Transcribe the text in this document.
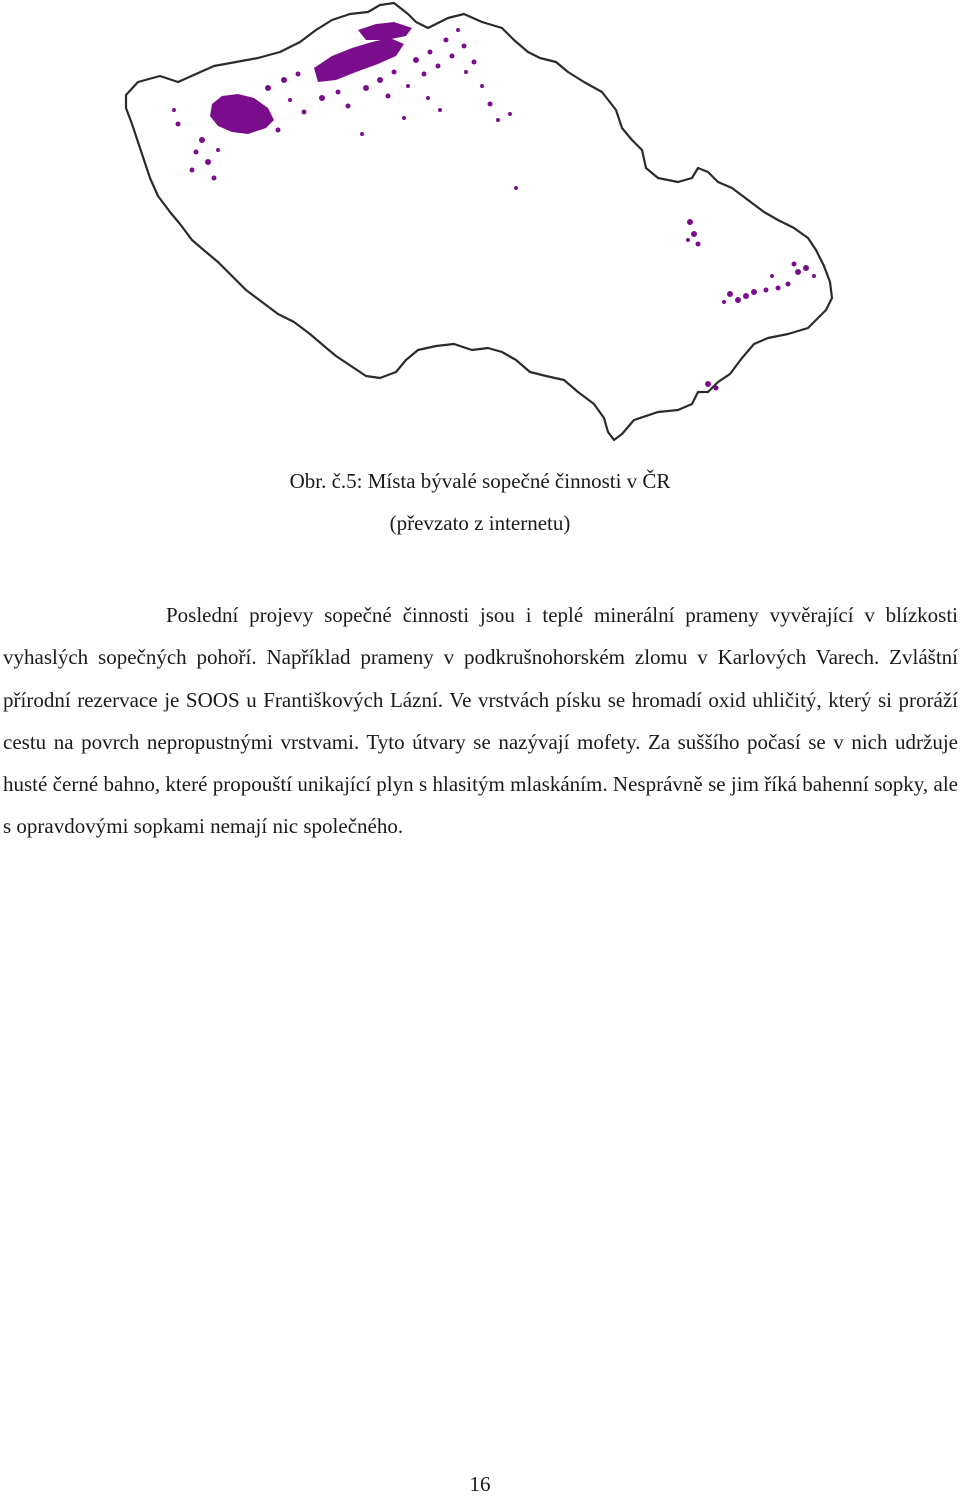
Obr. č.5: Místa bývalé sopečné činnosti v ČR
(převzato z internetu)

Poslední projevy sopečné činnosti jsou i teplé minerální prameny vyvěrající v blízkosti vyhaslých sopečných pohoří. Například prameny v podkrušnohorském zlomu v Karlových Varech. Zvláštní přírodní rezervace je SOOS u Františkových Lázní. Ve vrstvách písku se hromadí oxid uhličitý, který si proráží cestu na povrch nepropustnými vrstvami. Tyto útvary se nazývají mofety. Za suššího počasí se v nich udržuje husté černé bahno, které propouští unikající plyn s hlasitým mlaskáním. Nesprávně se jim říká bahenní sopky, ale s opravdovými sopkami nemají nic společného.

16
